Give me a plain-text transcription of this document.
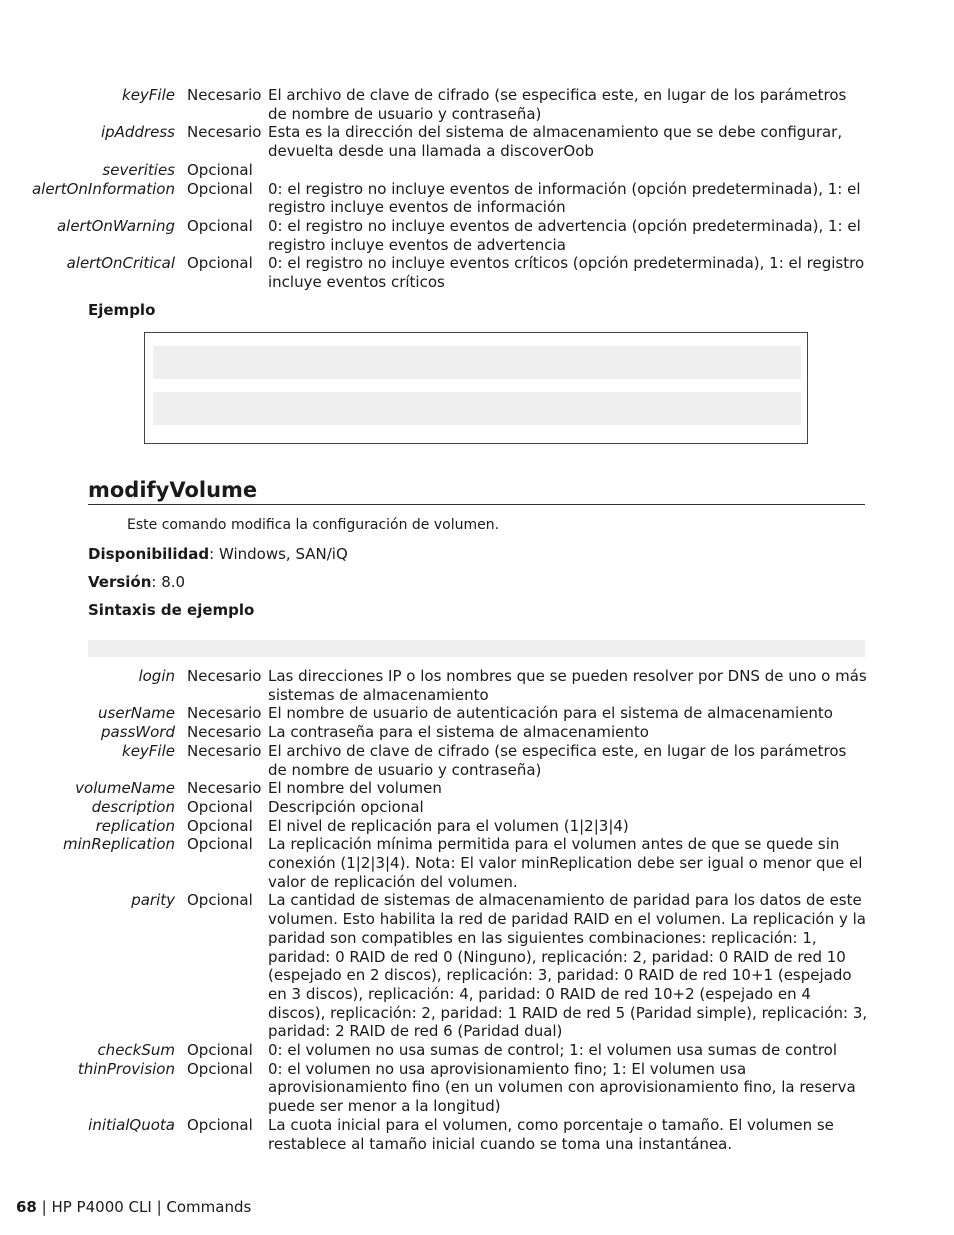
keyFile Necesario El archivo de clave de cifrado (se especifica este, en lugar de los parámetros de nombre de usuario y contraseña)
ipAddress Necesario Esta es la dirección del sistema de almacenamiento que se debe configurar, devuelta desde una llamada a discoverOob
severities Opcional
alertOnInformation Opcional 0: el registro no incluye eventos de información (opción predeterminada), 1: el registro incluye eventos de información
alertOnWarning Opcional 0: el registro no incluye eventos de advertencia (opción predeterminada), 1: el registro incluye eventos de advertencia
alertOnCritical Opcional 0: el registro no incluye eventos críticos (opción predeterminada), 1: el registro incluye eventos críticos
Ejemplo
modifyVolume
Este comando modifica la configuración de volumen.
Disponibilidad: Windows, SAN/iQ
Versión: 8.0
Sintaxis de ejemplo
login Necesario Las direcciones IP o los nombres que se pueden resolver por DNS de uno o más sistemas de almacenamiento
userName Necesario El nombre de usuario de autenticación para el sistema de almacenamiento
passWord Necesario La contraseña para el sistema de almacenamiento
keyFile Necesario El archivo de clave de cifrado (se especifica este, en lugar de los parámetros de nombre de usuario y contraseña)
volumeName Necesario El nombre del volumen
description Opcional Descripción opcional
replication Opcional El nivel de replicación para el volumen (1|2|3|4)
minReplication Opcional La replicación mínima permitida para el volumen antes de que se quede sin conexión (1|2|3|4). Nota: El valor minReplication debe ser igual o menor que el valor de replicación del volumen.
parity Opcional La cantidad de sistemas de almacenamiento de paridad para los datos de este volumen. Esto habilita la red de paridad RAID en el volumen. La replicación y la paridad son compatibles en las siguientes combinaciones: replicación: 1, paridad: 0 RAID de red 0 (Ninguno), replicación: 2, paridad: 0 RAID de red 10 (espejado en 2 discos), replicación: 3, paridad: 0 RAID de red 10+1 (espejado en 3 discos), replicación: 4, paridad: 0 RAID de red 10+2 (espejado en 4 discos), replicación: 2, paridad: 1 RAID de red 5 (Paridad simple), replicación: 3, paridad: 2 RAID de red 6 (Paridad dual)
checkSum Opcional 0: el volumen no usa sumas de control; 1: el volumen usa sumas de control
thinProvision Opcional 0: el volumen no usa aprovisionamiento fino; 1: El volumen usa aprovisionamiento fino (en un volumen con aprovisionamiento fino, la reserva puede ser menor a la longitud)
initialQuota Opcional La cuota inicial para el volumen, como porcentaje o tamaño. El volumen se restablece al tamaño inicial cuando se toma una instantánea.
68 | HP P4000 CLI | Commands
